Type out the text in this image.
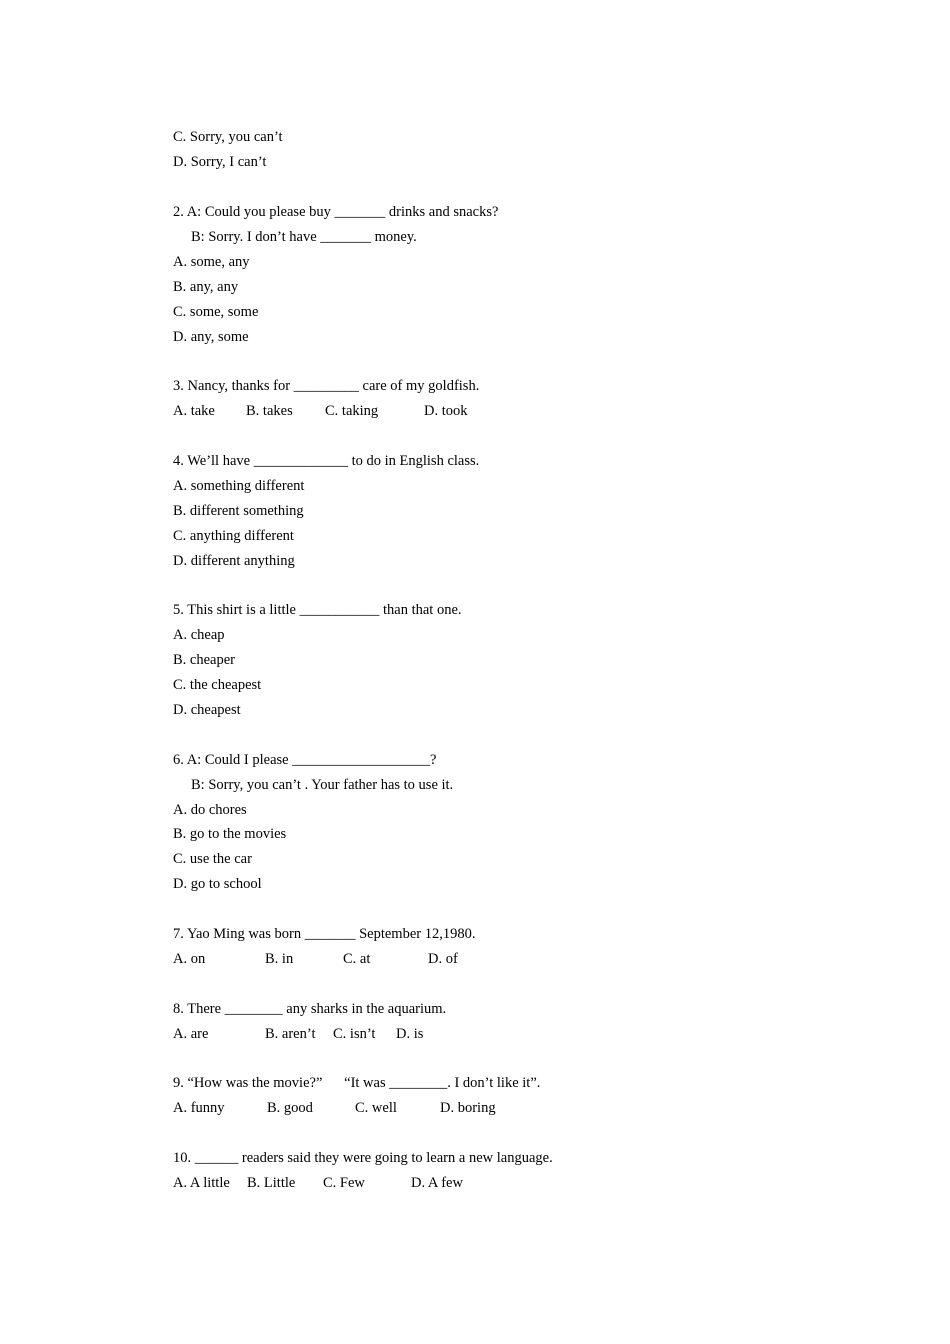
C. Sorry, you can’t
D. Sorry, I can’t
2. A: Could you please buy _______ drinks and snacks?
B: Sorry. I don’t have _______ money.
A. some, any
B. any, any
C. some, some
D. any, some
3. Nancy, thanks for _________ care of my goldfish.
A. take B. takes C. taking	D. took
4. We’ll have _____________ to do in English class.
A. something different
B. different something
C. anything different
D. different anything
5. This shirt is a little ___________ than that one.
A. cheap
B. cheaper
C. the cheapest
D. cheapest
6. A: Could I please ___________________?
B: Sorry, you can’t . Your father has to use it.
A. do chores
B. go to the movies
C. use the car
D. go to school
7. Yao Ming was born _______ September 12,1980.
A. on	B. in	C. at	D. of
8. There ________ any sharks in the aquarium.
A. are	B. aren’t C. isn’t D. is
9. “How was the movie?”      “It was ________. I don’t like it”.
A. funny	B. good	C. well	D. boring
10. ______ readers said they were going to learn a new language.
A. A little B. Little C. Few	D. A few
